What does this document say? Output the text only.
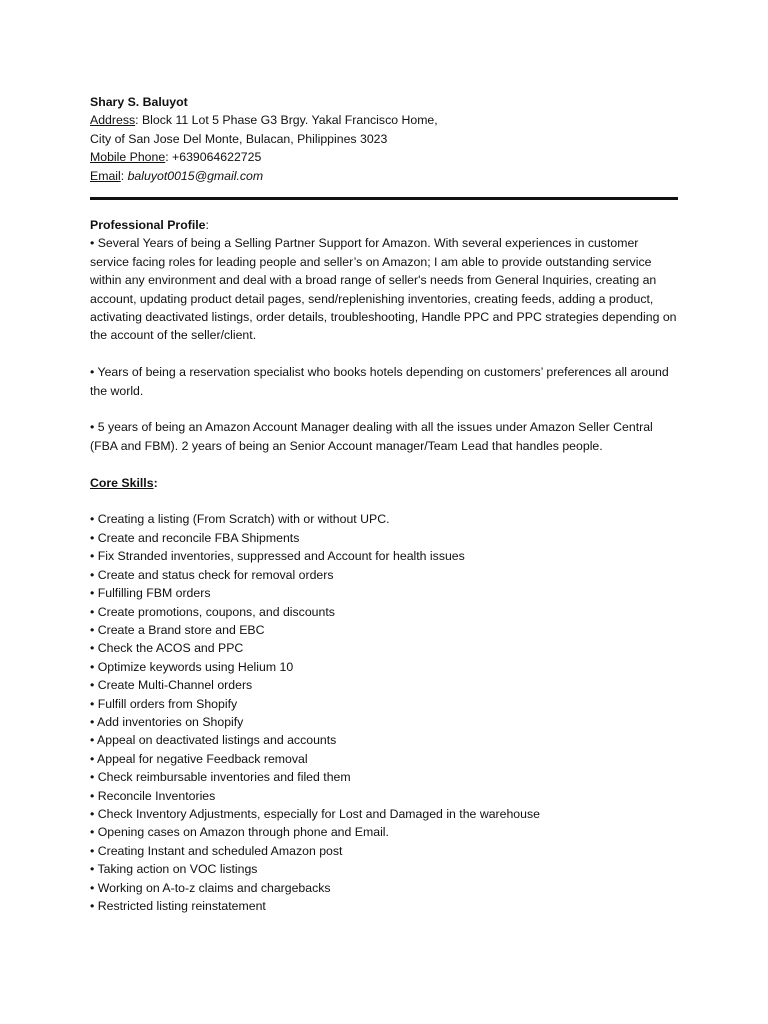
Shary S. Baluyot
Address: Block 11 Lot 5 Phase G3 Brgy. Yakal Francisco Home,
City of San Jose Del Monte, Bulacan, Philippines 3023
Mobile Phone: +639064622725
Email: baluyot0015@gmail.com
Professional Profile:

• Several Years of being a Selling Partner Support for Amazon. With several experiences in customer service facing roles for leading people and seller’s on Amazon; I am able to provide outstanding service within any environment and deal with a broad range of seller's needs from General Inquiries, creating an account, updating product detail pages, send/replenishing inventories, creating feeds, adding a product, activating deactivated listings, order details, troubleshooting, Handle PPC and PPC strategies depending on the account of the seller/client.

• Years of being a reservation specialist who books hotels depending on customers’ preferences all around the world.

• 5 years of being an Amazon Account Manager dealing with all the issues under Amazon Seller Central (FBA and FBM). 2 years of being an Senior Account manager/Team Lead that handles people.

Core Skills:
• Creating a listing (From Scratch) with or without UPC.
• Create and reconcile FBA Shipments
• Fix Stranded inventories, suppressed and Account for health issues
• Create and status check for removal orders
• Fulfilling FBM orders
• Create promotions, coupons, and discounts
• Create a Brand store and EBC
• Check the ACOS and PPC
• Optimize keywords using Helium 10
• Create Multi-Channel orders
• Fulfill orders from Shopify
• Add inventories on Shopify
• Appeal on deactivated listings and accounts
• Appeal for negative Feedback removal
• Check reimbursable inventories and filed them
• Reconcile Inventories
• Check Inventory Adjustments, especially for Lost and Damaged in the warehouse
• Opening cases on Amazon through phone and Email.
• Creating Instant and scheduled Amazon post
• Taking action on VOC listings
• Working on A-to-z claims and chargebacks
• Restricted listing reinstatement
